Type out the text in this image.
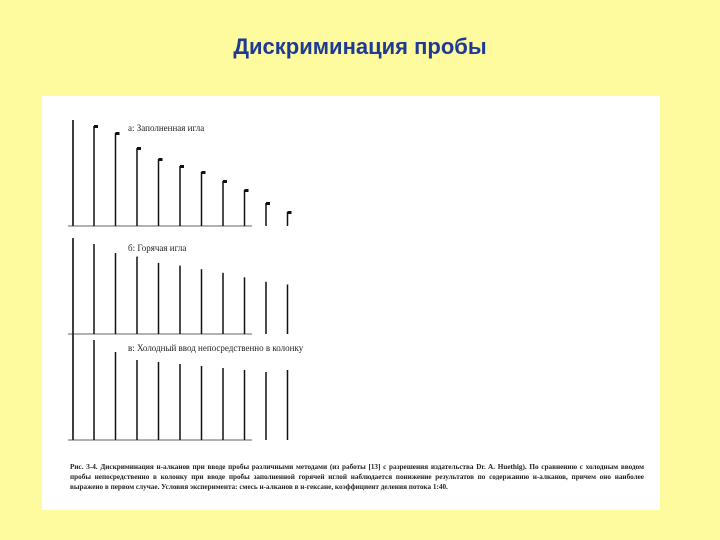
Дискриминация пробы
а: Заполненная игла
б: Горячая игла
в: Холодный ввод непосредственно в колонку
Рис. 3-4. Дискриминация н-алканов при вводе пробы различными методами (из работы [13] с разрешения издательства Dr. A. Huethig). По сравнению с холодным вводом пробы непосредственно в колонку при вводе пробы заполненной горячей иглой наблюдается понижение результатов по содержанию н-алканов, причем оно наиболее выражено в первом случае. Условия эксперимента: смесь н-алканов в н-гексане, коэффициент деления потока 1:40.
